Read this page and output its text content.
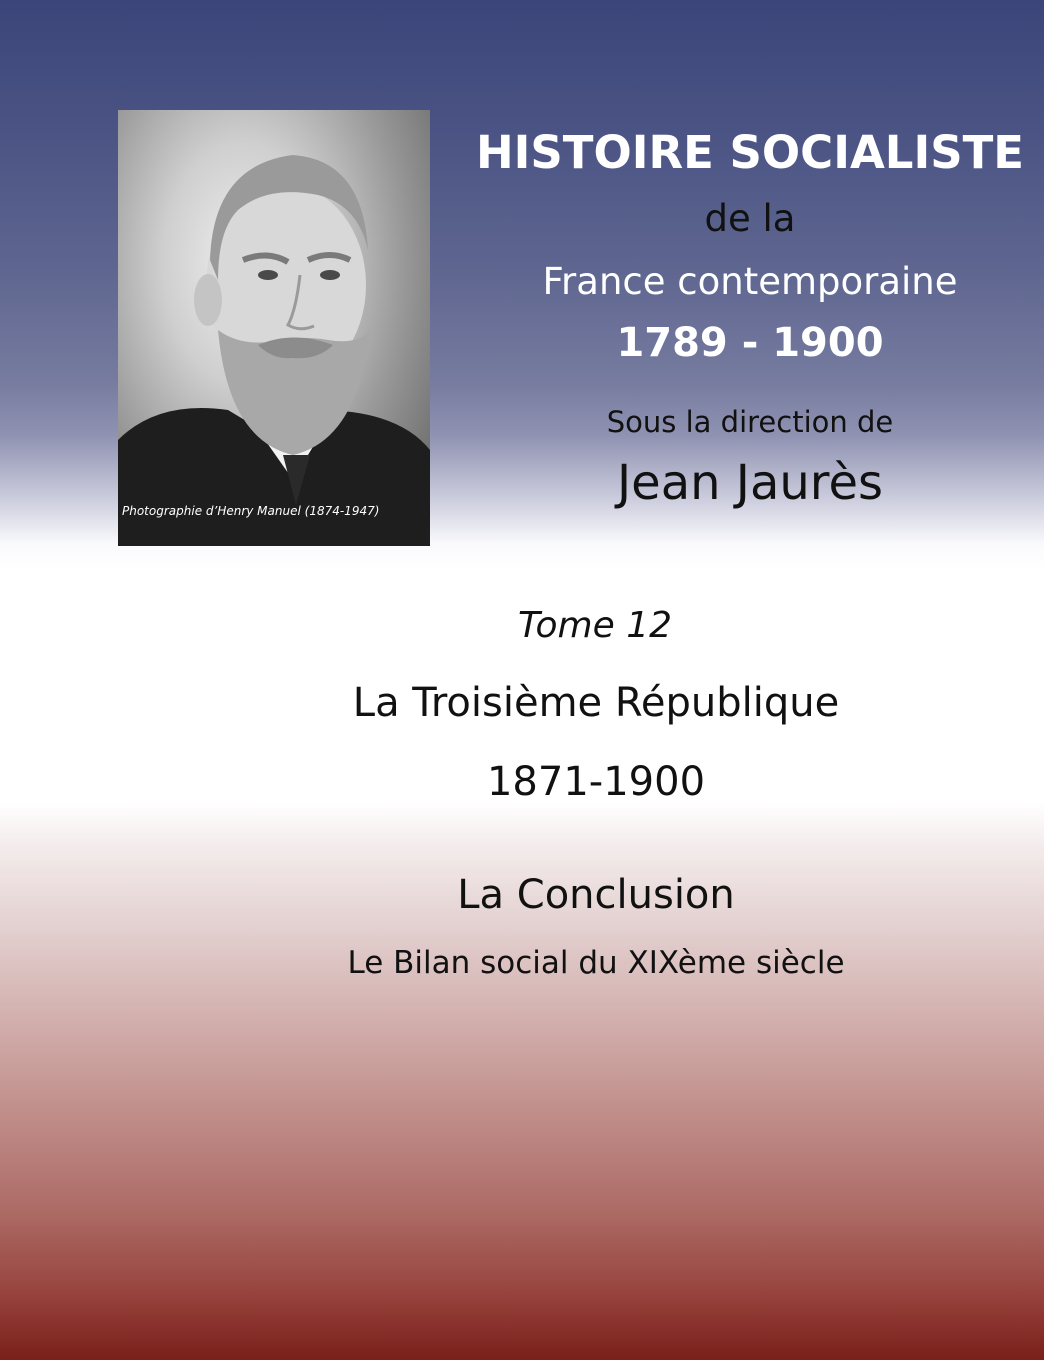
Photographie d’Henry Manuel (1874-1947)
HISTOIRE SOCIALISTE
de la
France contemporaine
1789 - 1900
Sous la direction de
Jean Jaurès
Tome 12
La Troisième République
1871-1900
La Conclusion
Le Bilan social du XIXème siècle
